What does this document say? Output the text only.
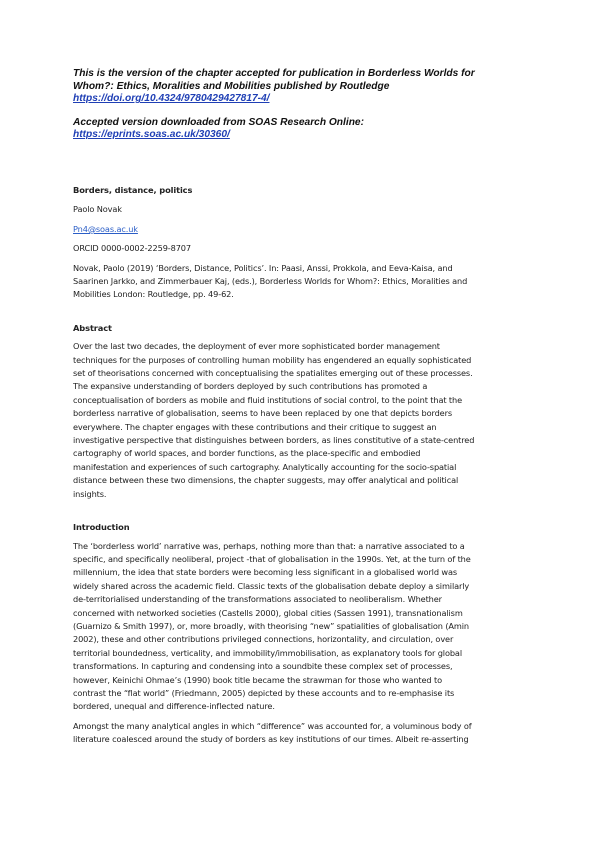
This is the version of the chapter accepted for publication in Borderless Worlds for
Whom?: Ethics, Moralities and Mobilities published by Routledge
https://doi.org/10.4324/9780429427817-4/
Accepted version downloaded from SOAS Research Online:
https://eprints.soas.ac.uk/30360/
Borders, distance, politics
Paolo Novak
Pn4@soas.ac.uk
ORCID 0000-0002-2259-8707
Novak, Paolo (2019) ‘Borders, Distance, Politics’. In: Paasi, Anssi, Prokkola, and Eeva-Kaisa, and
Saarinen Jarkko, and Zimmerbauer Kaj, (eds.), Borderless Worlds for Whom?: Ethics, Moralities and
Mobilities London: Routledge, pp. 49-62.
Abstract
Over the last two decades, the deployment of ever more sophisticated border management
techniques for the purposes of controlling human mobility has engendered an equally sophisticated
set of theorisations concerned with conceptualising the spatialites emerging out of these processes.
The expansive understanding of borders deployed by such contributions has promoted a
conceptualisation of borders as mobile and fluid institutions of social control, to the point that the
borderless narrative of globalisation, seems to have been replaced by one that depicts borders
everywhere. The chapter engages with these contributions and their critique to suggest an
investigative perspective that distinguishes between borders, as lines constitutive of a state-centred
cartography of world spaces, and border functions, as the place-specific and embodied
manifestation and experiences of such cartography. Analytically accounting for the socio-spatial
distance between these two dimensions, the chapter suggests, may offer analytical and political
insights.
Introduction
The ‘borderless world’ narrative was, perhaps, nothing more than that: a narrative associated to a
specific, and specifically neoliberal, project -that of globalisation in the 1990s. Yet, at the turn of the
millennium, the idea that state borders were becoming less significant in a globalised world was
widely shared across the academic field. Classic texts of the globalisation debate deploy a similarly
de-territorialised understanding of the transformations associated to neoliberalism. Whether
concerned with networked societies (Castells 2000), global cities (Sassen 1991), transnationalism
(Guarnizo & Smith 1997), or, more broadly, with theorising “new” spatialities of globalisation (Amin
2002), these and other contributions privileged connections, horizontality, and circulation, over
territorial boundedness, verticality, and immobility/immobilisation, as explanatory tools for global
transformations. In capturing and condensing into a soundbite these complex set of processes,
however, Keinichi Ohmae’s (1990) book title became the strawman for those who wanted to
contrast the “flat world” (Friedmann, 2005) depicted by these accounts and to re-emphasise its
bordered, unequal and difference-inflected nature.
Amongst the many analytical angles in which “difference” was accounted for, a voluminous body of
literature coalesced around the study of borders as key institutions of our times. Albeit re-asserting
